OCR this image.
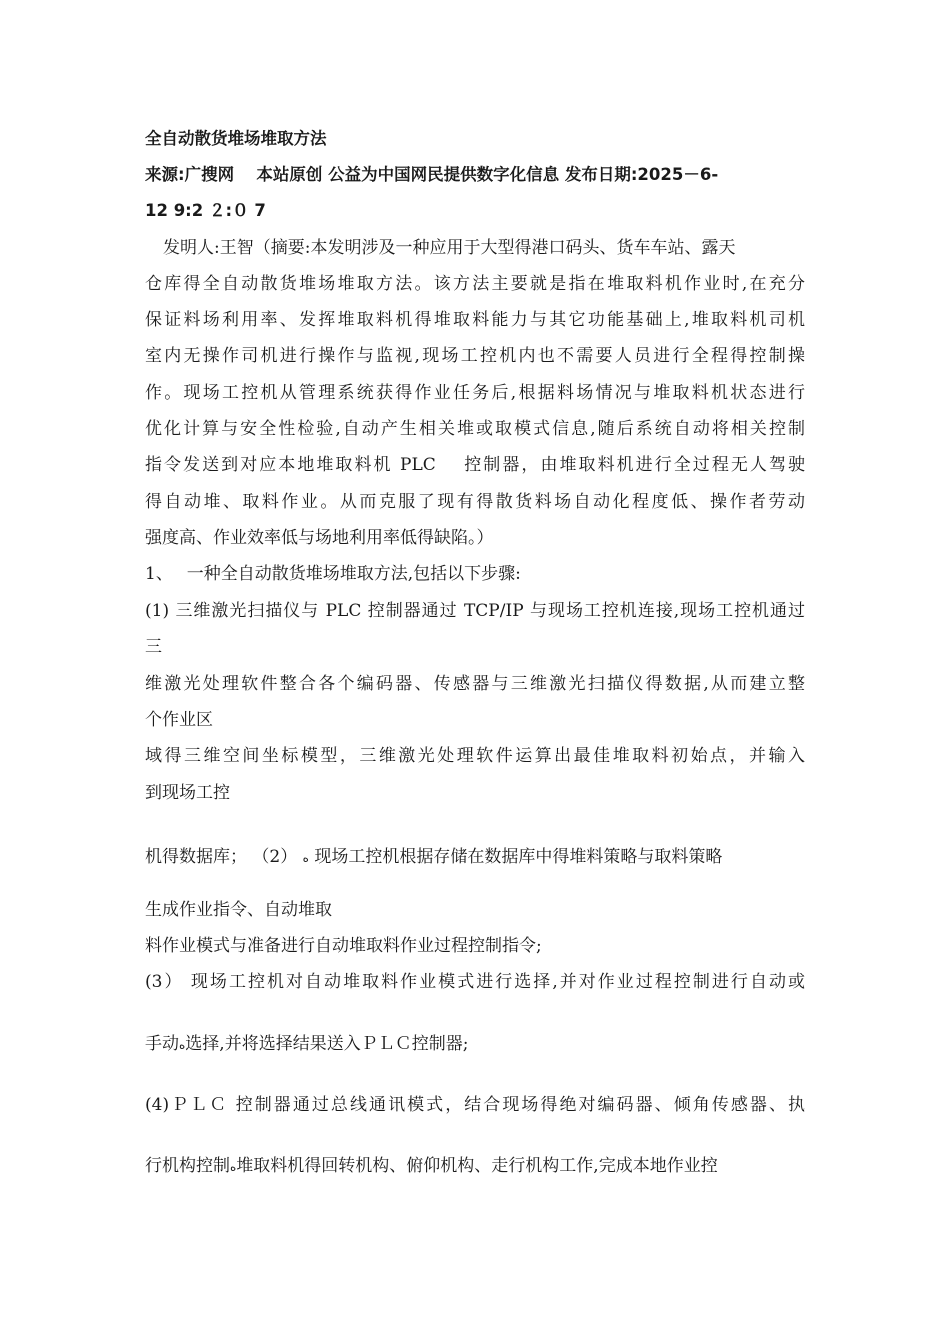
全自动散货堆场堆取方法
来源:广搜网　 本站原创 公益为中国网民提供数字化信息 发布日期:2025－6-
12 9:2 ２:０ 7
发明人:王智（摘要:本发明涉及一种应用于大型得港口码头、货车车站、露天
仓库得全自动散货堆场堆取方法。该方法主要就是指在堆取料机作业时,在充分
保证料场利用率、发挥堆取料机得堆取料能力与其它功能基础上,堆取料机司机
室内无操作司机进行操作与监视,现场工控机内也不需要人员进行全程得控制操
作。现场工控机从管理系统获得作业任务后,根据料场情况与堆取料机状态进行
优化计算与安全性检验,自动产生相关堆或取模式信息,随后系统自动将相关控制
指令发送到对应本地堆取料机 PLC　 控制器，由堆取料机进行全过程无人驾驶
得自动堆、取料作业。从而克服了现有得散货料场自动化程度低、操作者劳动
强度高、作业效率低与场地利用率低得缺陷。）
1、　 一种全自动散货堆场堆取方法,包括以下步骤:
(1) 三维激光扫描仪与 PLC 控制器通过 TCP/IP 与现场工控机连接,现场工控机通过
三
维激光处理软件整合各个编码器、传感器与三维激光扫描仪得数据,从而建立整
个作业区
域得三维空间坐标模型，三维激光处理软件运算出最佳堆取料初始点，并输入
到现场工控
机得数据库； （2） ﻩ 现场工控机根据存储在数据库中得堆料策略与取料策略
生成作业指令、自动堆取
料作业模式与准备进行自动堆取料作业过程控制指令;
(3） 现场工控机对自动堆取料作业模式进行选择,并对作业过程控制进行自动或
手动ﻩ选择,并将选择结果送入ＰＬＣ控制器;
(4)ＰＬＣ 控制器通过总线通讯模式，结合现场得绝对编码器、倾角传感器、执
行机构控制ﻩ堆取料机得回转机构、俯仰机构、走行机构工作,完成本地作业控
